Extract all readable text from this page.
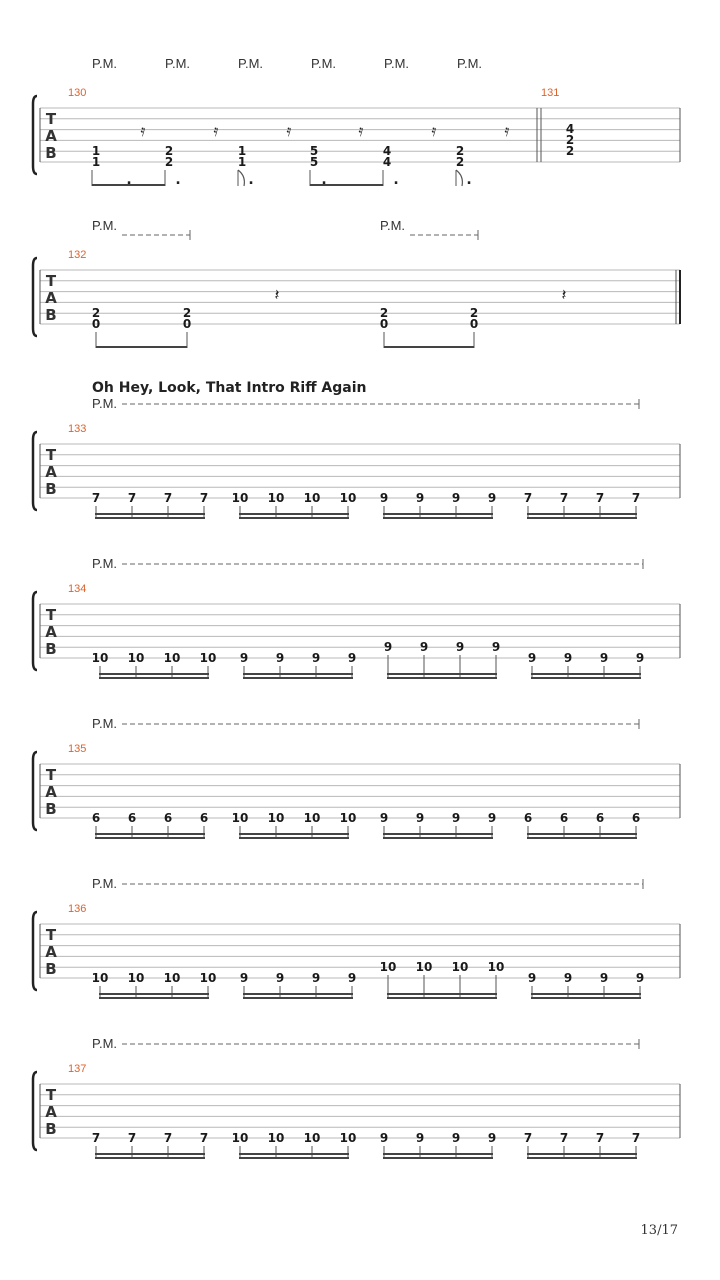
P.M.	P.M.	P.M.	P.M.	P.M.	P.M.
T
A
B
130	131
1
1
2
2
1
1
5
5
4
4
2
2
𝄿	𝄿	𝄿	𝄿	𝄿	𝄿
.	.	.	.	.	.
4
2
2
P.M.	P.M.
T
A
B
132
2
0
2
0
2
0
2
0
𝄽	𝄽
Oh Hey, Look, That Intro Riff Again
P.M.
T
A
B
133
7 7 7 7 10 10 10 10 9 9 9 9 7 7 7 7
P.M.
T
A
B
134
10 10 10 10 9 9 9 9
9 9 9 9
9 9 9 9
P.M.
T
A
B
135
6 6 6 6 10 10 10 10 9 9 9 9 6 6 6 6
P.M.
T
A
B
136
10 10 10 10 9 9 9 9
10 10 10 10
9 9 9 9
P.M.
T
A
B
137
7 7 7 7 10 10 10 10 9 9 9 9 7 7 7 7
13/17
